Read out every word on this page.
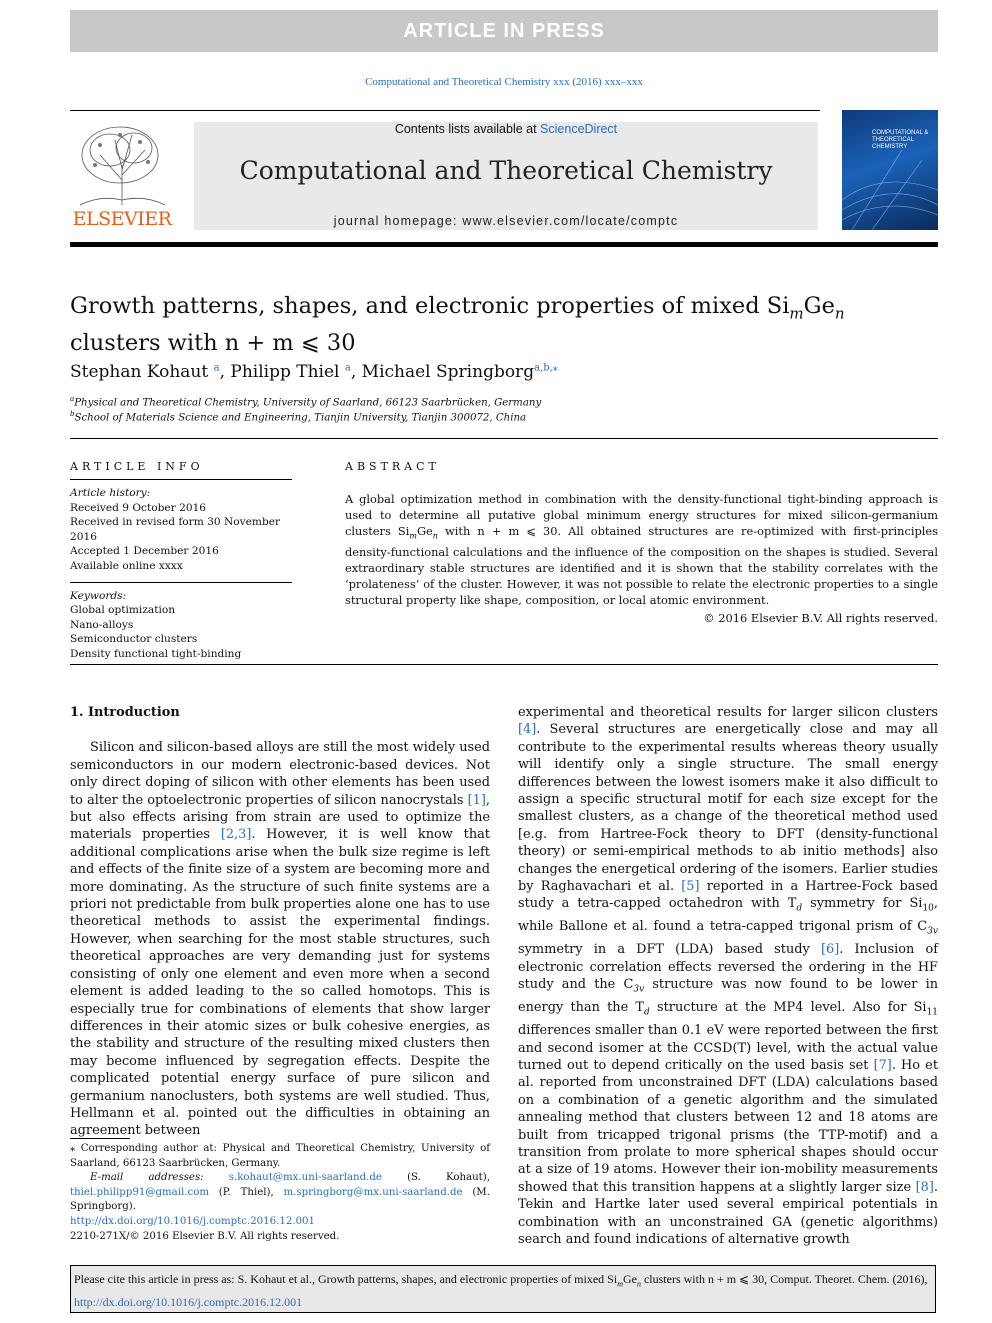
ARTICLE IN PRESS
Computational and Theoretical Chemistry xxx (2016) xxx–xxx
ELSEVIER
Contents lists available at ScienceDirect
Computational and Theoretical Chemistry
journal homepage: www.elsevier.com/locate/comptc
COMPUTATIONAL & THEORETICAL CHEMISTRY
Growth patterns, shapes, and electronic properties of mixed $Si_mGe_n$
clusters with n + m ⩽ 30
Stephan Kohaut $^a$, Philipp Thiel $^a$, Michael Springborg$^{a,b,⁎}$
$^a$Physical and Theoretical Chemistry, University of Saarland, 66123 Saarbrücken, Germany
$^b$School of Materials Science and Engineering, Tianjin University, Tianjin 300072, China
ARTICLE INFO	ABSTRACT
Article history:
Received 9 October 2016
Received in revised form 30 November 2016
Accepted 1 December 2016
Available online xxxx
Keywords:
Global optimization
Nano-alloys
Semiconductor clusters
Density functional tight-binding
A global optimization method in combination with the density-functional tight-binding approach is used to determine all putative global minimum energy structures for mixed silicon-germanium clusters $Si_mGe_n$ with n + m ⩽ 30. All obtained structures are re-optimized with first-principles density-functional calculations and the influence of the composition on the shapes is studied. Several extraordinary stable structures are identified and it is shown that the stability correlates with the ‘prolateness’ of the cluster. However, it was not possible to relate the electronic properties to a single structural property like shape, composition, or local atomic environment.
© 2016 Elsevier B.V. All rights reserved.

1. Introduction

Silicon and silicon-based alloys are still the most widely used semiconductors in our modern electronic-based devices. Not only direct doping of silicon with other elements has been used to alter the optoelectronic properties of silicon nanocrystals [1], but also effects arising from strain are used to optimize the materials properties [2,3]. However, it is well know that additional complications arise when the bulk size regime is left and effects of the finite size of a system are becoming more and more dominating. As the structure of such finite systems are a priori not predictable from bulk properties alone one has to use theoretical methods to assist the experimental findings. However, when searching for the most stable structures, such theoretical approaches are very demanding just for systems consisting of only one element and even more when a second element is added leading to the so called homotops. This is especially true for combinations of elements that show larger differences in their atomic sizes or bulk cohesive energies, as the stability and structure of the resulting mixed clusters then may become influenced by segregation effects. Despite the complicated potential energy surface of pure silicon and germanium nanoclusters, both systems are well studied. Thus, Hellmann et al. pointed out the difficulties in obtaining an agreement between

experimental and theoretical results for larger silicon clusters [4]. Several structures are energetically close and may all contribute to the experimental results whereas theory usually will identify only a single structure. The small energy differences between the lowest isomers make it also difficult to assign a specific structural motif for each size except for the smallest clusters, as a change of the theoretical method used [e.g. from Hartree-Fock theory to DFT (density-functional theory) or semi-empirical methods to ab initio methods] also changes the energetical ordering of the isomers. Earlier studies by Raghavachari et al. [5] reported in a Hartree-Fock based study a tetra-capped octahedron with $T_d$ symmetry for $Si_{10}$, while Ballone et al. found a tetra-capped trigonal prism of $C_{3v}$ symmetry in a DFT (LDA) based study [6]. Inclusion of electronic correlation effects reversed the ordering in the HF study and the $C_{3v}$ structure was now found to be lower in energy than the $T_d$ structure at the MP4 level. Also for $Si_{11}$ differences smaller than 0.1 eV were reported between the first and second isomer at the CCSD(T) level, with the actual value turned out to depend critically on the used basis set [7]. Ho et al. reported from unconstrained DFT (LDA) calculations based on a combination of a genetic algorithm and the simulated annealing method that clusters between 12 and 18 atoms are built from tricapped trigonal prisms (the TTP-motif) and a transition from prolate to more spherical shapes should occur at a size of 19 atoms. However their ion-mobility measurements showed that this transition happens at a slightly larger size [8]. Tekin and Hartke later used several empirical potentials in combination with an unconstrained GA (genetic algorithms) search and found indications of alternative growth

⁎ Corresponding author at: Physical and Theoretical Chemistry, University of Saarland, 66123 Saarbrücken, Germany.
E-mail addresses: s.kohaut@mx.uni-saarland.de (S. Kohaut), thiel.philipp91@gmail.com (P. Thiel), m.springborg@mx.uni-saarland.de (M. Springborg).
http://dx.doi.org/10.1016/j.comptc.2016.12.001
2210-271X/© 2016 Elsevier B.V. All rights reserved.
Please cite this article in press as: S. Kohaut et al., Growth patterns, shapes, and electronic properties of mixed $Si_mGe_n$ clusters with n + m ⩽ 30, Comput. Theoret. Chem. (2016), http://dx.doi.org/10.1016/j.comptc.2016.12.001
